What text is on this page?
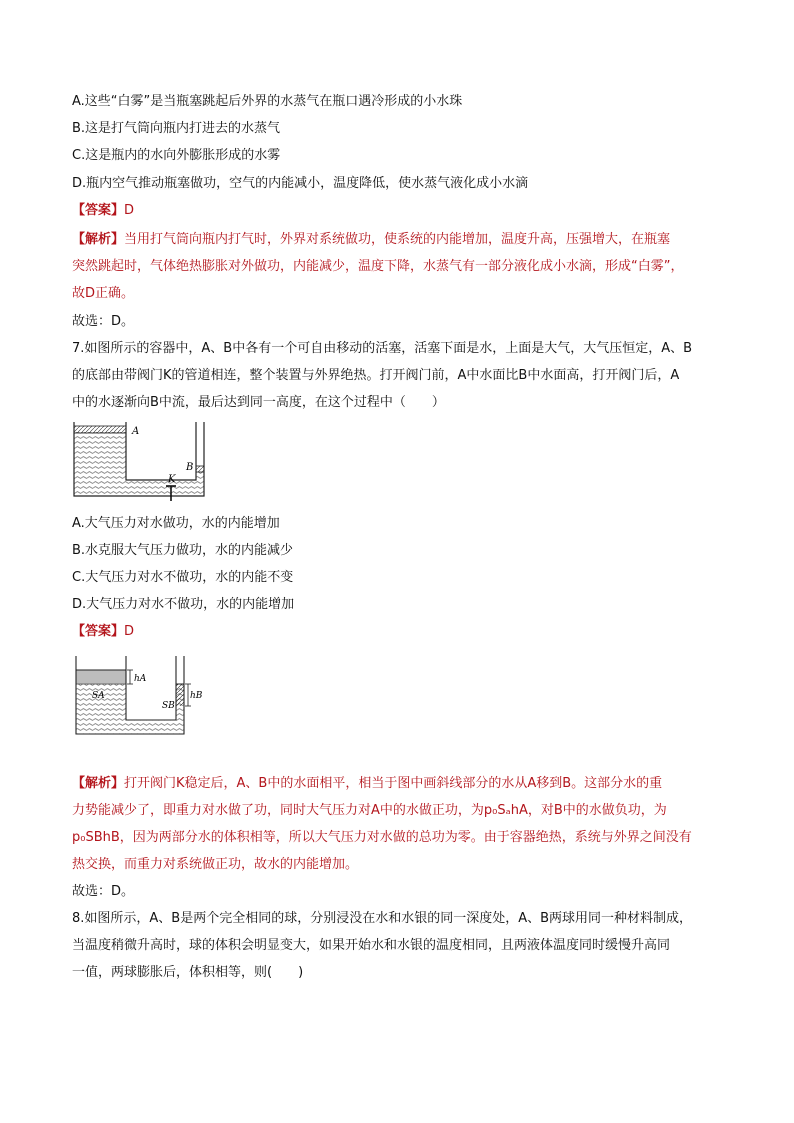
A.这些“白雾”是当瓶塞跳起后外界的水蒸气在瓶口遇冷形成的小水珠
B.这是打气筒向瓶内打进去的水蒸气
C.这是瓶内的水向外膨胀形成的水雾
D.瓶内空气推动瓶塞做功，空气的内能减小，温度降低，使水蒸气液化成小水滴
【答案】D
【解析】当用打气筒向瓶内打气时，外界对系统做功，使系统的内能增加，温度升高，压强增大，在瓶塞
突然跳起时，气体绝热膨胀对外做功，内能减少，温度下降，水蒸气有一部分液化成小水滴，形成“白雾”，
故D正确。
故选：D。
7.如图所示的容器中，A、B中各有一个可自由移动的活塞，活塞下面是水，上面是大气，大气压恒定，A、B
的底部由带阀门K的管道相连，整个装置与外界绝热。打开阀门前，A中水面比B中水面高，打开阀门后，A
中的水逐渐向B中流，最后达到同一高度，在这个过程中（　　）
A
B
K
A.大气压力对水做功，水的内能增加
B.水克服大气压力做功，水的内能减少
C.大气压力对水不做功，水的内能不变
D.大气压力对水不做功，水的内能增加
【答案】D
hA
SA	hB
SB
【解析】打开阀门K稳定后，A、B中的水面相平，相当于图中画斜线部分的水从A移到B。这部分水的重
力势能减少了，即重力对水做了功，同时大气压力对A中的水做正功，为p₀SₐhA，对B中的水做负功，为
p₀SBhB，因为两部分水的体积相等，所以大气压力对水做的总功为零。由于容器绝热，系统与外界之间没有
热交换，而重力对系统做正功，故水的内能增加。
故选：D。
8.如图所示，A、B是两个完全相同的球，分别浸没在水和水银的同一深度处，A、B两球用同一种材料制成，
当温度稍微升高时，球的体积会明显变大，如果开始水和水银的温度相同，且两液体温度同时缓慢升高同
一值，两球膨胀后，体积相等，则(　　)
